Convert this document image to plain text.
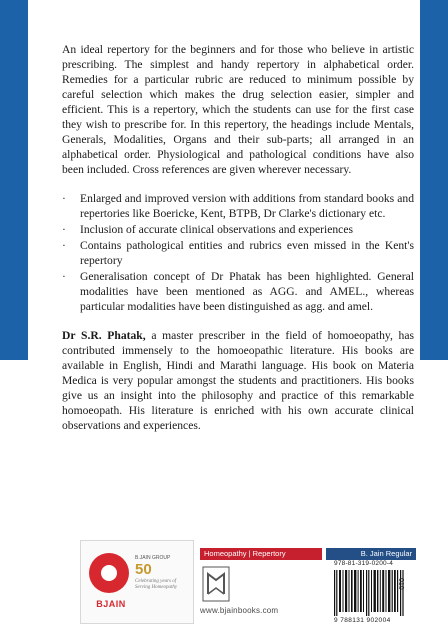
An ideal repertory for the beginners and for those who believe in artistic prescribing. The simplest and handy repertory in alphabetical order. Remedies for a particular rubric are reduced to minimum possible by careful selection which makes the drug selection easier, simpler and efficient. This is a repertory, which the students can use for the first case they wish to prescribe for. In this repertory, the headings include Mentals, Generals, Modalities, Organs and their sub-parts; all arranged in an alphabetical order. Physiological and pathological conditions have also been included. Cross references are given wherever necessary.

· Enlarged and improved version with additions from standard books and repertories like Boericke, Kent, BTPB, Dr Clarke's dictionary etc.
· Inclusion of accurate clinical observations and experiences
· Contains pathological entities and rubrics even missed in the Kent's repertory
· Generalisation concept of Dr Phatak has been highlighted. General modalities have been mentioned as AGG. and AMEL., whereas particular modalities have been distinguished as agg. and amel.

Dr S.R. Phatak, a master prescriber in the field of homoeopathy, has contributed immensely to the homoeopathic literature. His books are available in English, Hindi and Marathi language. His book on Materia Medica is very popular amongst the students and practitioners. His books give us an insight into the philosophy and practice of this remarkable homoeopath. His literature is enriched with his own accurate clinical observations and experiences.

BJAIN
B.JAIN GROUP
50
Celebrating years of Serving Homeopathy
Homeopathy | Repertory	B. Jain Regular
www.bjainbooks.com
978-81-319-0200-4
9 788131 902004
010
